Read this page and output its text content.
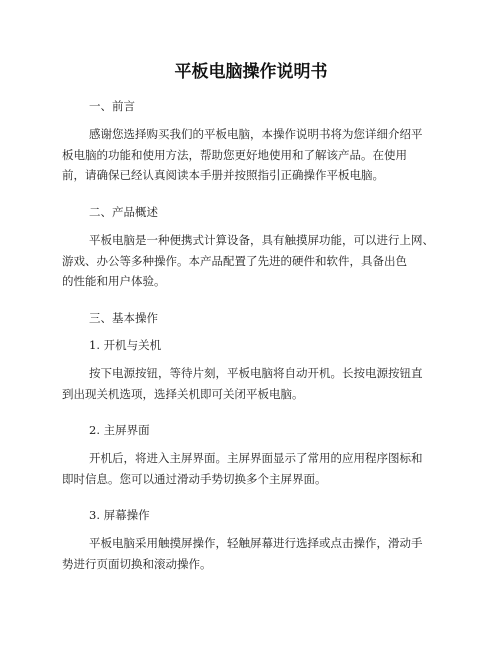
平板电脑操作说明书

一、前言

感谢您选择购买我们的平板电脑，本操作说明书将为您详细介绍平
板电脑的功能和使用方法，帮助您更好地使用和了解该产品。在使用
前，请确保已经认真阅读本手册并按照指引正确操作平板电脑。

二、产品概述

平板电脑是一种便携式计算设备，具有触摸屏功能，可以进行上网、
游戏、办公等多种操作。本产品配置了先进的硬件和软件，具备出色
的性能和用户体验。

三、基本操作

1. 开机与关机

按下电源按钮，等待片刻，平板电脑将自动开机。长按电源按钮直
到出现关机选项，选择关机即可关闭平板电脑。

2. 主屏界面

开机后，将进入主屏界面。主屏界面显示了常用的应用程序图标和
即时信息。您可以通过滑动手势切换多个主屏界面。

3. 屏幕操作

平板电脑采用触摸屏操作，轻触屏幕进行选择或点击操作，滑动手
势进行页面切换和滚动操作。
